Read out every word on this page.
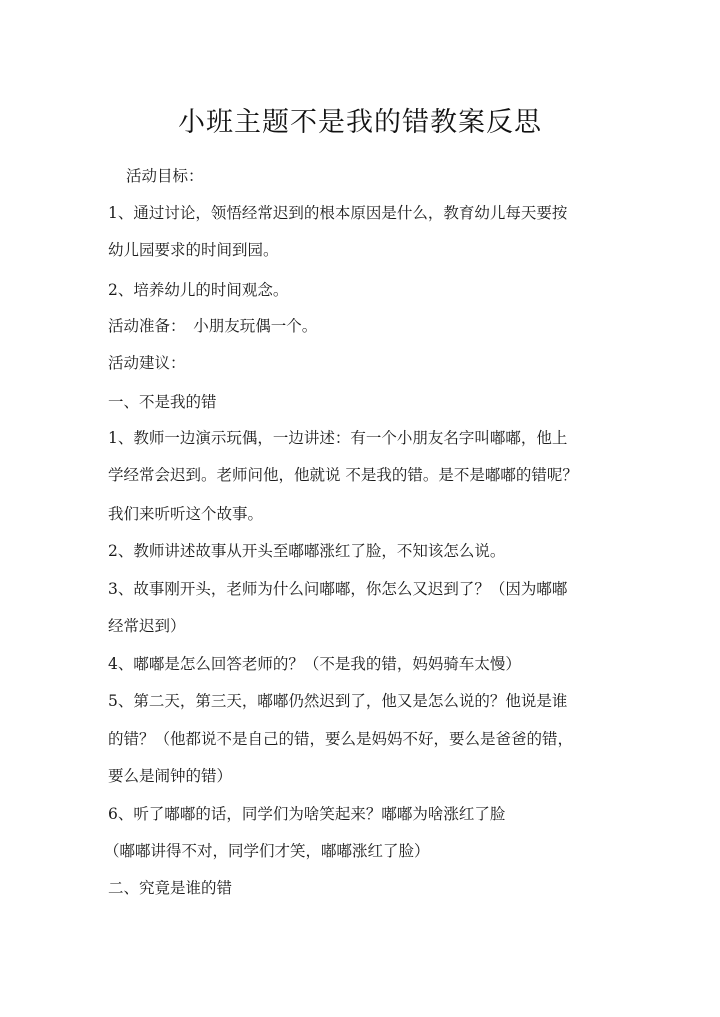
小班主题不是我的错教案反思
活动目标：
1、通过讨论，领悟经常迟到的根本原因是什么，教育幼儿每天要按
幼儿园要求的时间到园。
2、培养幼儿的时间观念。
活动准备：　小朋友玩偶一个。
活动建议：
一、不是我的错
1、教师一边演示玩偶，一边讲述：有一个小朋友名字叫嘟嘟，他上
学经常会迟到。老师问他，他就说 不是我的错。是不是嘟嘟的错呢？
我们来听听这个故事。
2、教师讲述故事从开头至嘟嘟涨红了脸，不知该怎么说。
3、故事刚开头，老师为什么问嘟嘟，你怎么又迟到了？（因为嘟嘟
经常迟到）
4、嘟嘟是怎么回答老师的？（不是我的错，妈妈骑车太慢）
5、第二天，第三天，嘟嘟仍然迟到了，他又是怎么说的？他说是谁
的错？（他都说不是自己的错，要么是妈妈不好，要么是爸爸的错，
要么是闹钟的错）
6、听了嘟嘟的话，同学们为啥笑起来？嘟嘟为啥涨红了脸
（嘟嘟讲得不对，同学们才笑，嘟嘟涨红了脸）
二、究竟是谁的错
